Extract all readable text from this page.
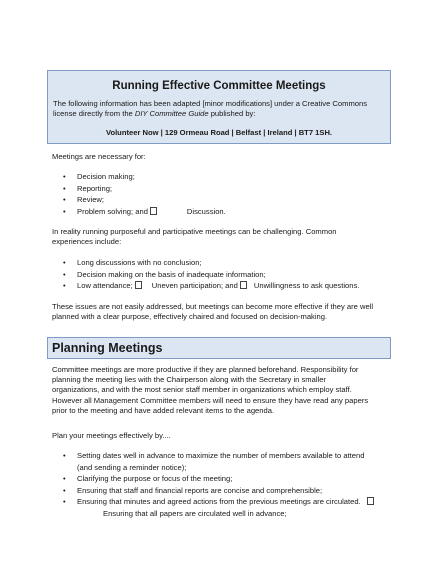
Running Effective Committee Meetings
The following information has been adapted [minor modifications] under a Creative Commons
license directly from the DIY Committee Guide published by:
Volunteer Now | 129 Ormeau Road | Belfast | Ireland | BT7 1SH.
Meetings are necessary for:
• Decision making;
• Reporting;
• Review;
• Problem solving; and	Discussion.
In reality running purposeful and participative meetings can be challenging. Common
experiences include:
• Long discussions with no conclusion;
• Decision making on the basis of inadequate information;
• Low attendance;	Uneven participation; and Unwillingness to ask questions.
These issues are not easily addressed, but meetings can become more effective if they are well
planned with a clear purpose, effectively chaired and focused on decision-making.
Planning Meetings
Committee meetings are more productive if they are planned beforehand. Responsibility for
planning the meeting lies with the Chairperson along with the Secretary in smaller
organizations, and with the most senior staff member in organizations which employ staff.
However all Management Committee members will need to ensure they have read any papers
prior to the meeting and have added relevant items to the agenda.
Plan your meetings effectively by....
• Setting dates well in advance to maximize the number of members available to attend
(and sending a reminder notice);
• Clarifying the purpose or focus of the meeting;
• Ensuring that staff and financial reports are concise and comprehensible;
• Ensuring that minutes and agreed actions from the previous meetings are circulated.
Ensuring that all papers are circulated well in advance;
